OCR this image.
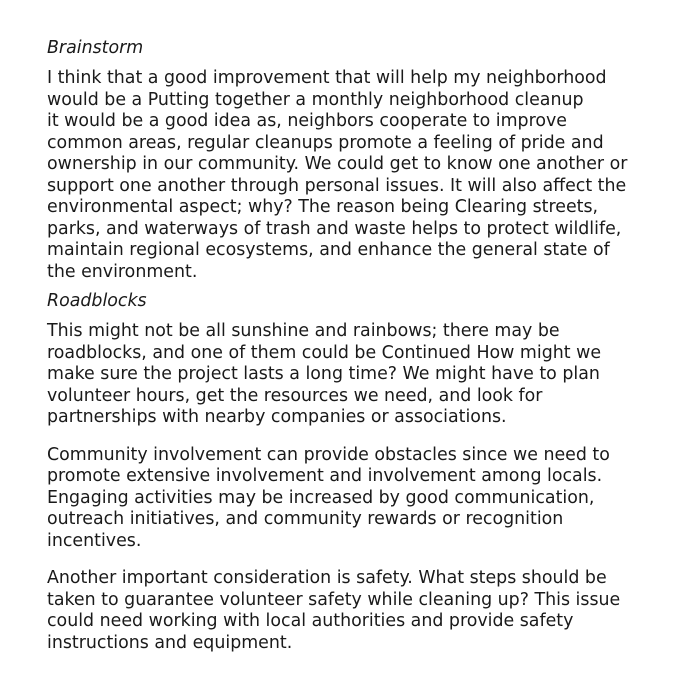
Brainstorm
I think that a good improvement that will help my neighborhood
would be a Putting together a monthly neighborhood cleanup
it would be a good idea as, neighbors cooperate to improve
common areas, regular cleanups promote a feeling of pride and
ownership in our community. We could get to know one another or
support one another through personal issues. It will also affect the
environmental aspect; why? The reason being Clearing streets,
parks, and waterways of trash and waste helps to protect wildlife,
maintain regional ecosystems, and enhance the general state of
the environment.
Roadblocks
This might not be all sunshine and rainbows; there may be
roadblocks, and one of them could be Continued How might we
make sure the project lasts a long time? We might have to plan
volunteer hours, get the resources we need, and look for
partnerships with nearby companies or associations.
Community involvement can provide obstacles since we need to
promote extensive involvement and involvement among locals.
Engaging activities may be increased by good communication,
outreach initiatives, and community rewards or recognition
incentives.
Another important consideration is safety. What steps should be
taken to guarantee volunteer safety while cleaning up? This issue
could need working with local authorities and provide safety
instructions and equipment.
